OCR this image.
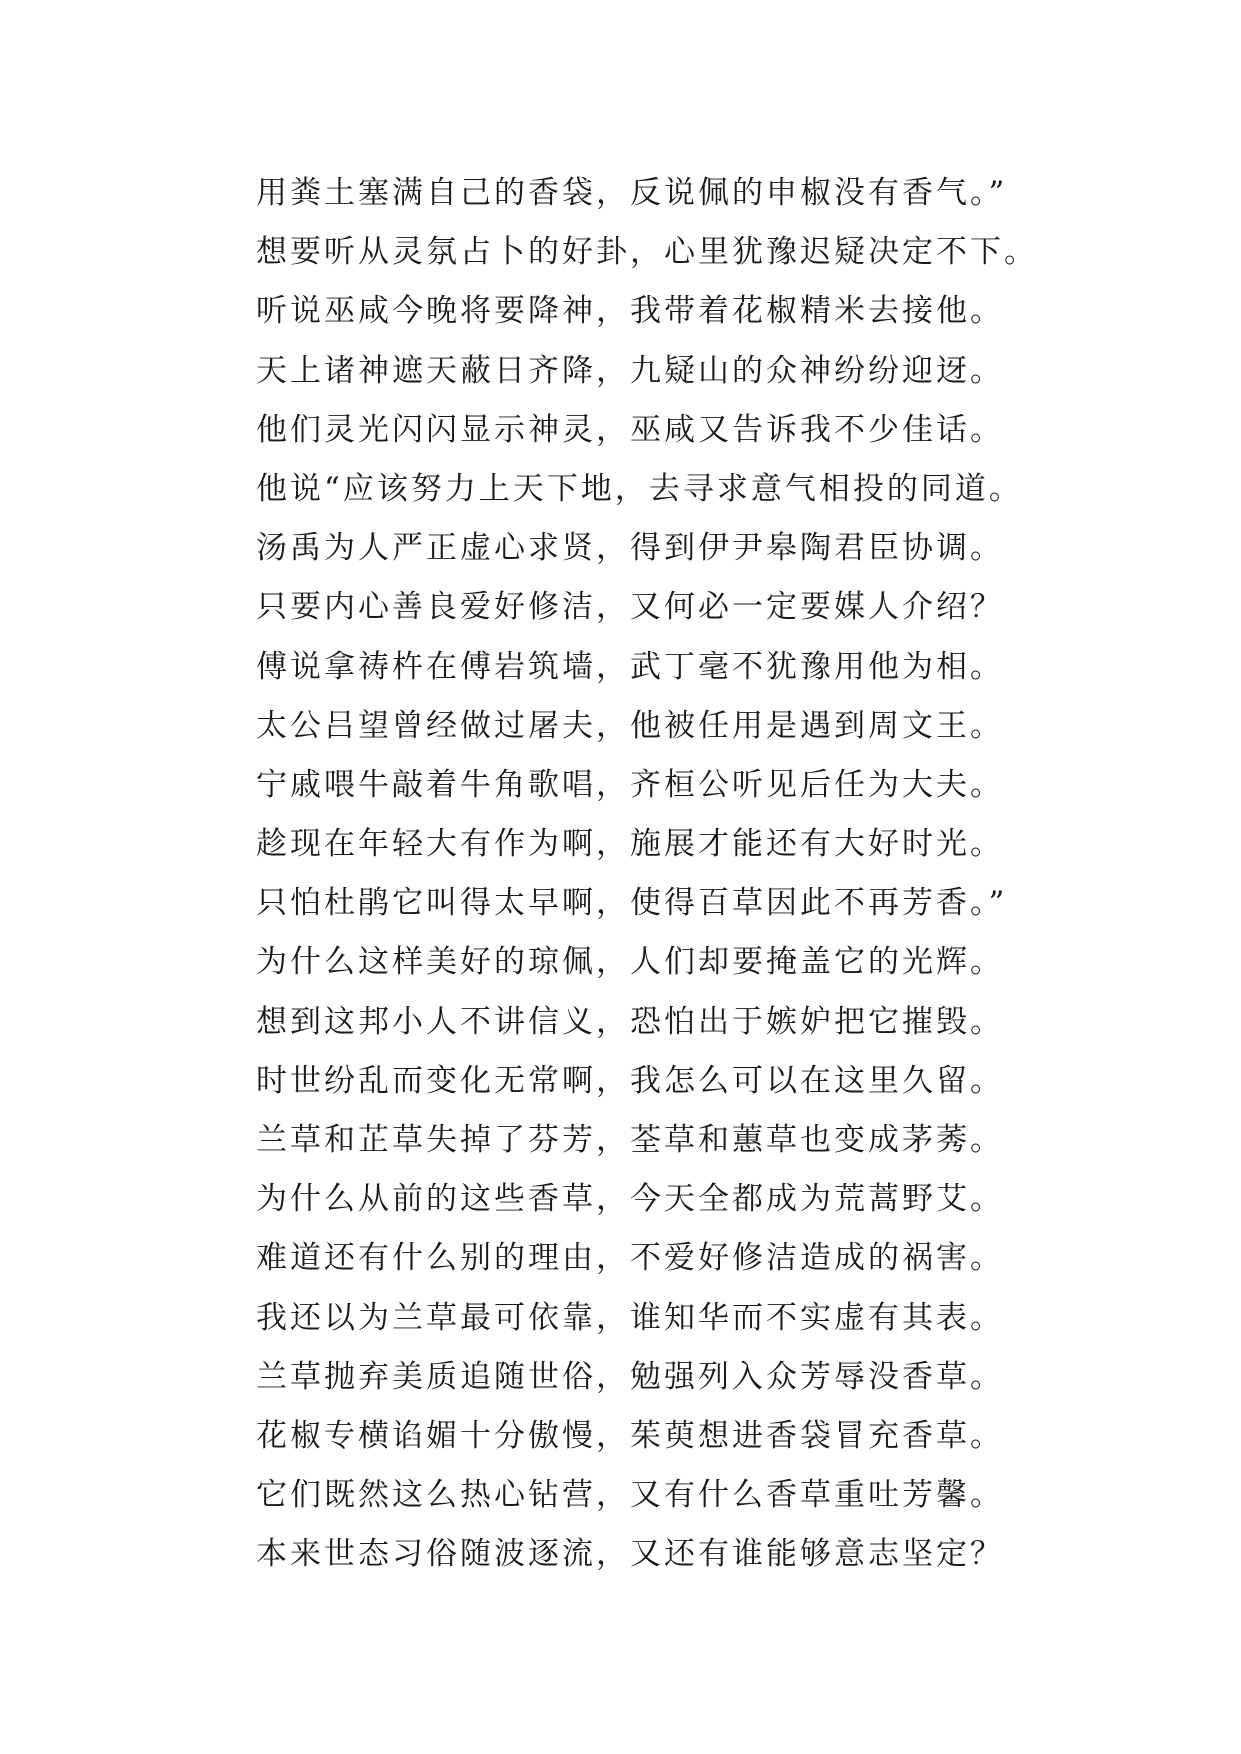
用粪土塞满自己的香袋，反说佩的申椒没有香气。”
想要听从灵氛占卜的好卦，心里犹豫迟疑决定不下。
听说巫咸今晚将要降神，我带着花椒精米去接他。
天上诸神遮天蔽日齐降，九疑山的众神纷纷迎迓。
他们灵光闪闪显示神灵，巫咸又告诉我不少佳话。
他说“应该努力上天下地，去寻求意气相投的同道。
汤禹为人严正虚心求贤，得到伊尹皋陶君臣协调。
只要内心善良爱好修洁，又何必一定要媒人介绍？
傅说拿祷杵在傅岩筑墙，武丁毫不犹豫用他为相。
太公吕望曾经做过屠夫，他被任用是遇到周文王。
宁戚喂牛敲着牛角歌唱，齐桓公听见后任为大夫。
趁现在年轻大有作为啊，施展才能还有大好时光。
只怕杜鹃它叫得太早啊，使得百草因此不再芳香。”
为什么这样美好的琼佩，人们却要掩盖它的光辉。
想到这邦小人不讲信义，恐怕出于嫉妒把它摧毁。
时世纷乱而变化无常啊，我怎么可以在这里久留。
兰草和芷草失掉了芬芳，荃草和蕙草也变成茅莠。
为什么从前的这些香草，今天全都成为荒蒿野艾。
难道还有什么别的理由，不爱好修洁造成的祸害。
我还以为兰草最可依靠，谁知华而不实虚有其表。
兰草抛弃美质追随世俗，勉强列入众芳辱没香草。
花椒专横谄媚十分傲慢，茱萸想进香袋冒充香草。
它们既然这么热心钻营，又有什么香草重吐芳馨。
本来世态习俗随波逐流，又还有谁能够意志坚定？
